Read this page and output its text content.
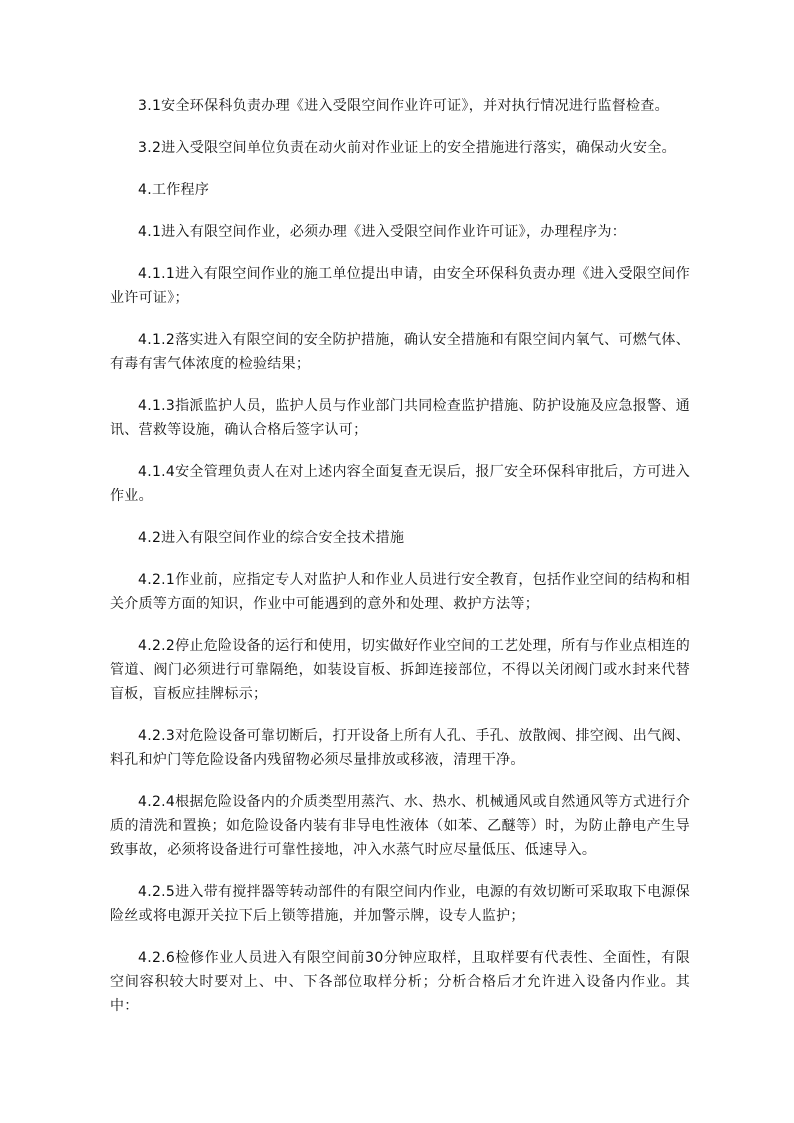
3.1安全环保科负责办理《进入受限空间作业许可证》，并对执行情况进行监督检查。

3.2进入受限空间单位负责在动火前对作业证上的安全措施进行落实，确保动火安全。

4.工作程序

4.1进入有限空间作业，必须办理《进入受限空间作业许可证》，办理程序为：

4.1.1进入有限空间作业的施工单位提出申请，由安全环保科负责办理《进入受限空间作业许可证》；

4.1.2落实进入有限空间的安全防护措施，确认安全措施和有限空间内氧气、可燃气体、有毒有害气体浓度的检验结果；

4.1.3指派监护人员，监护人员与作业部门共同检查监护措施、防护设施及应急报警、通讯、营救等设施，确认合格后签字认可；

4.1.4安全管理负责人在对上述内容全面复查无误后，报厂安全环保科审批后，方可进入作业。

4.2进入有限空间作业的综合安全技术措施

4.2.1作业前，应指定专人对监护人和作业人员进行安全教育，包括作业空间的结构和相关介质等方面的知识，作业中可能遇到的意外和处理、救护方法等；

4.2.2停止危险设备的运行和使用，切实做好作业空间的工艺处理，所有与作业点相连的管道、阀门必须进行可靠隔绝，如装设盲板、拆卸连接部位，不得以关闭阀门或水封来代替盲板，盲板应挂牌标示；

4.2.3对危险设备可靠切断后，打开设备上所有人孔、手孔、放散阀、排空阀、出气阀、料孔和炉门等危险设备内残留物必须尽量排放或移液，清理干净。

4.2.4根据危险设备内的介质类型用蒸汽、水、热水、机械通风或自然通风等方式进行介质的清洗和置换；如危险设备内装有非导电性液体（如苯、乙醚等）时，为防止静电产生导致事故，必须将设备进行可靠性接地，冲入水蒸气时应尽量低压、低速导入。

4.2.5进入带有搅拌器等转动部件的有限空间内作业，电源的有效切断可采取取下电源保险丝或将电源开关拉下后上锁等措施，并加警示牌，设专人监护；

4.2.6检修作业人员进入有限空间前30分钟应取样，且取样要有代表性、全面性，有限空间容积较大时要对上、中、下各部位取样分析；分析合格后才允许进入设备内作业。其中：
